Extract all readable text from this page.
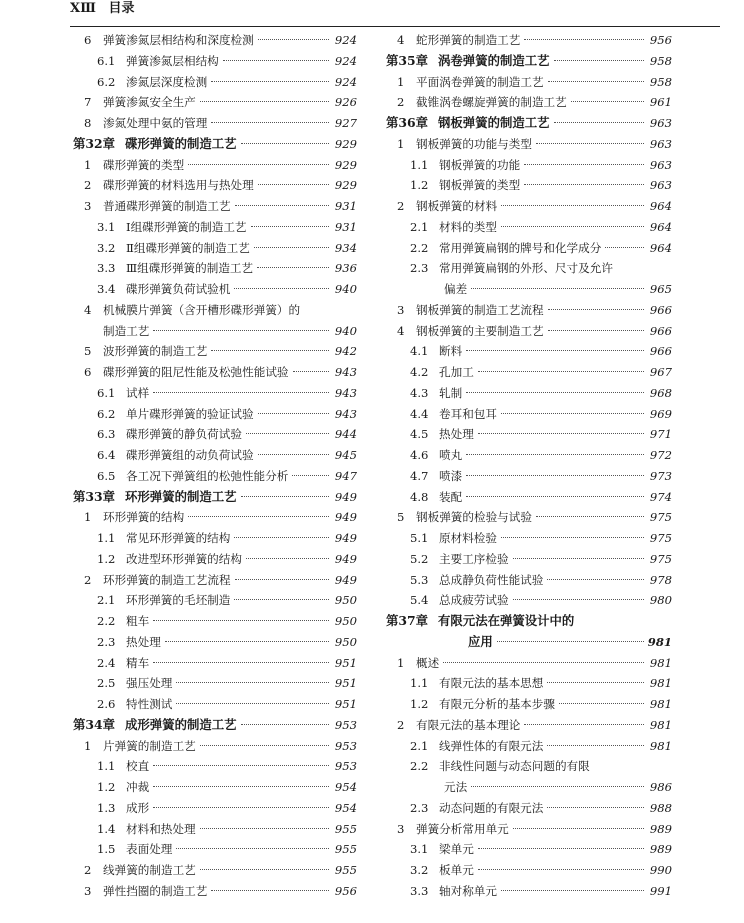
XⅢ 目录
6 弹簧渗氮层相结构和深度检测	924
6.1 弹簧渗氮层相结构	924
6.2 渗氮层深度检测	924
7 弹簧渗氮安全生产	926
8 渗氮处理中氨的管理	927
第32章 碟形弹簧的制造工艺	929
1 碟形弹簧的类型	929
2 碟形弹簧的材料选用与热处理	929
3 普通碟形弹簧的制造工艺	931
3.1 Ⅰ组碟形弹簧的制造工艺	931
3.2 Ⅱ组碟形弹簧的制造工艺	934
3.3 Ⅲ组碟形弹簧的制造工艺	936
3.4 碟形弹簧负荷试验机	940
4 机械膜片弹簧（含开槽形碟形弹簧）的
制造工艺	940
5 波形弹簧的制造工艺	942
6 碟形弹簧的阻尼性能及松弛性能试验	943
6.1 试样	943
6.2 单片碟形弹簧的验证试验	943
6.3 碟形弹簧的静负荷试验	944
6.4 碟形弹簧组的动负荷试验	945
6.5 各工况下弹簧组的松弛性能分析	947
第33章 环形弹簧的制造工艺	949
1 环形弹簧的结构	949
1.1 常见环形弹簧的结构	949
1.2 改进型环形弹簧的结构	949
2 环形弹簧的制造工艺流程	949
2.1 环形弹簧的毛坯制造	950
2.2 粗车	950
2.3 热处理	950
2.4 精车	951
2.5 强压处理	951
2.6 特性测试	951
第34章 成形弹簧的制造工艺	953
1 片弹簧的制造工艺	953
1.1 校直	953
1.2 冲裁	954
1.3 成形	954
1.4 材料和热处理	955
1.5 表面处理	955
2 线弹簧的制造工艺	955
3 弹性挡圈的制造工艺	956
4 蛇形弹簧的制造工艺	956
第35章 涡卷弹簧的制造工艺	958
1 平面涡卷弹簧的制造工艺	958
2 截锥涡卷螺旋弹簧的制造工艺	961
第36章 钢板弹簧的制造工艺	963
1 钢板弹簧的功能与类型	963
1.1 钢板弹簧的功能	963
1.2 钢板弹簧的类型	963
2 钢板弹簧的材料	964
2.1 材料的类型	964
2.2 常用弹簧扁钢的牌号和化学成分	964
2.3 常用弹簧扁钢的外形、尺寸及允许
偏差	965
3 钢板弹簧的制造工艺流程	966
4 钢板弹簧的主要制造工艺	966
4.1 断料	966
4.2 孔加工	967
4.3 轧制	968
4.4 卷耳和包耳	969
4.5 热处理	971
4.6 喷丸	972
4.7 喷漆	973
4.8 装配	974
5 钢板弹簧的检验与试验	975
5.1 原材料检验	975
5.2 主要工序检验	975
5.3 总成静负荷性能试验	978
5.4 总成疲劳试验	980
第37章 有限元法在弹簧设计中的
应用	981
1 概述	981
1.1 有限元法的基本思想	981
1.2 有限元分析的基本步骤	981
2 有限元法的基本理论	981
2.1 线弹性体的有限元法	981
2.2 非线性问题与动态问题的有限
元法	986
2.3 动态问题的有限元法	988
3 弹簧分析常用单元	989
3.1 梁单元	989
3.2 板单元	990
3.3 轴对称单元	991
